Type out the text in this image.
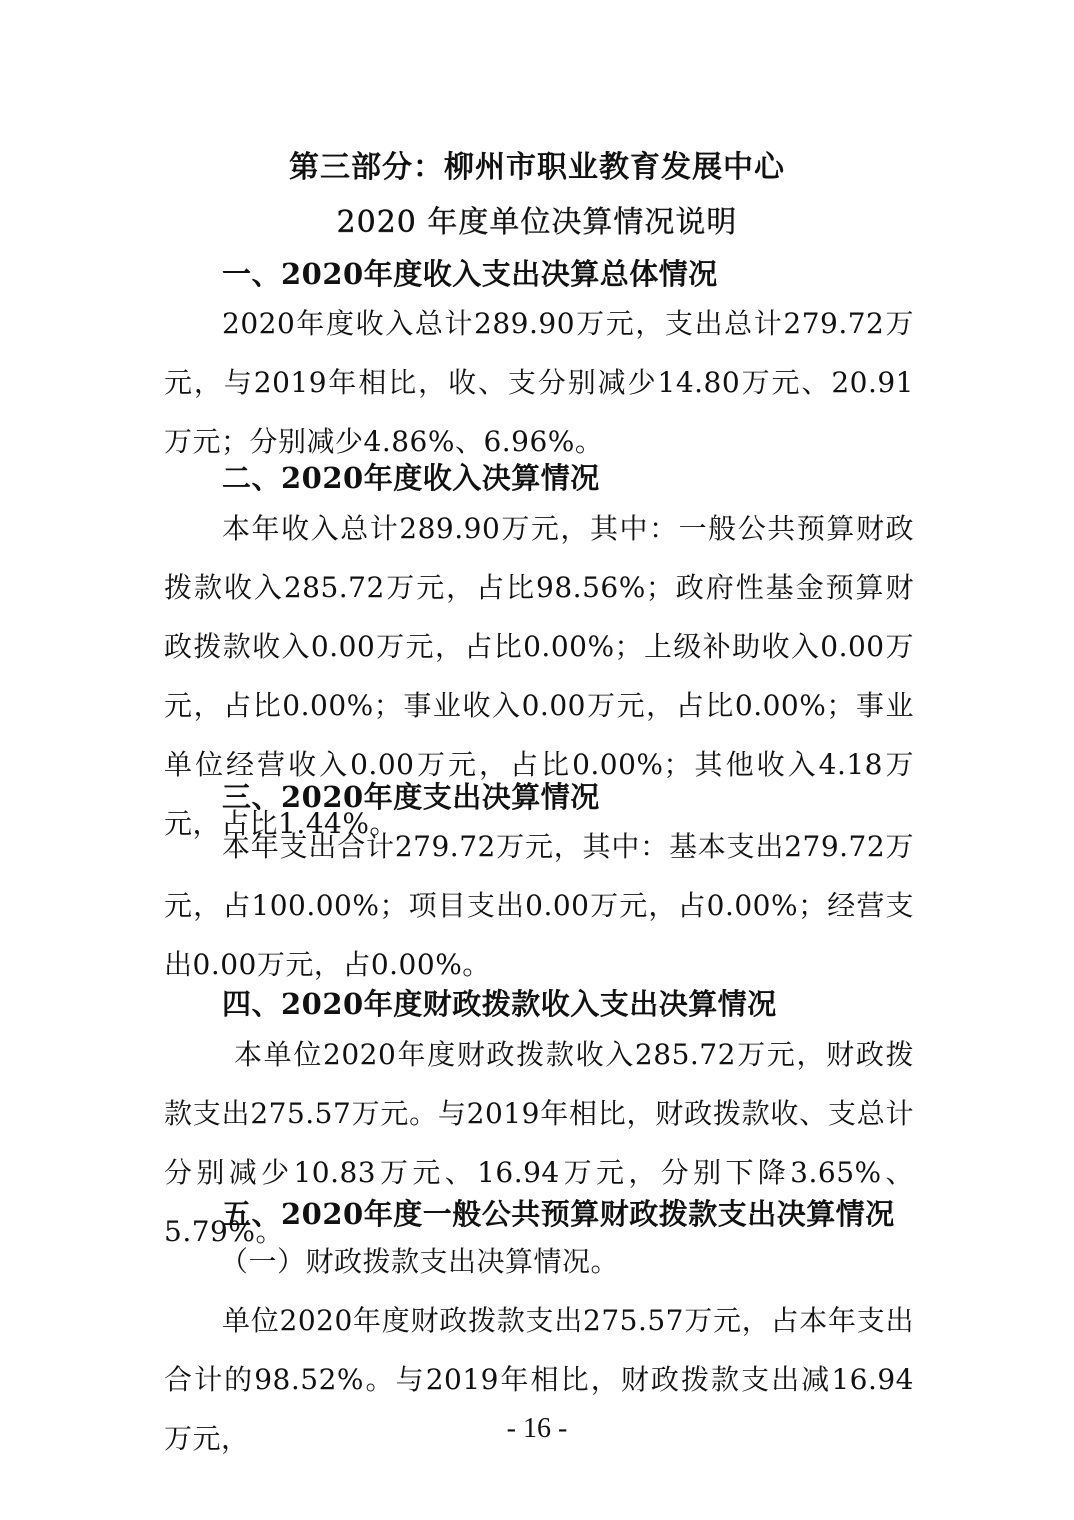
第三部分：柳州市职业教育发展中心
2020 年度单位决算情况说明
一、2020年度收入支出决算总体情况
2020年度收入总计289.90万元，支出总计279.72万元，与2019年相比，收、支分别减少14.80万元、20.91万元；分别减少4.86%、6.96%。
二、2020年度收入决算情况
本年收入总计289.90万元，其中：一般公共预算财政拨款收入285.72万元，占比98.56%；政府性基金预算财政拨款收入0.00万元，占比0.00%；上级补助收入0.00万元，占比0.00%；事业收入0.00万元，占比0.00%；事业单位经营收入0.00万元，占比0.00%；其他收入4.18万元，占比1.44%。
三、2020年度支出决算情况
本年支出合计279.72万元，其中：基本支出279.72万元，占100.00%；项目支出0.00万元，占0.00%；经营支出0.00万元，占0.00%。
四、2020年度财政拨款收入支出决算情况
本单位2020年度财政拨款收入285.72万元，财政拨款支出275.57万元。与2019年相比，财政拨款收、支总计分别减少10.83万元、16.94万元，分别下降3.65%、5.79%。
五、2020年度一般公共预算财政拨款支出决算情况
（一）财政拨款支出决算情况。
单位2020年度财政拨款支出275.57万元，占本年支出合计的98.52%。与2019年相比，财政拨款支出减16.94万元，	- 16 -
